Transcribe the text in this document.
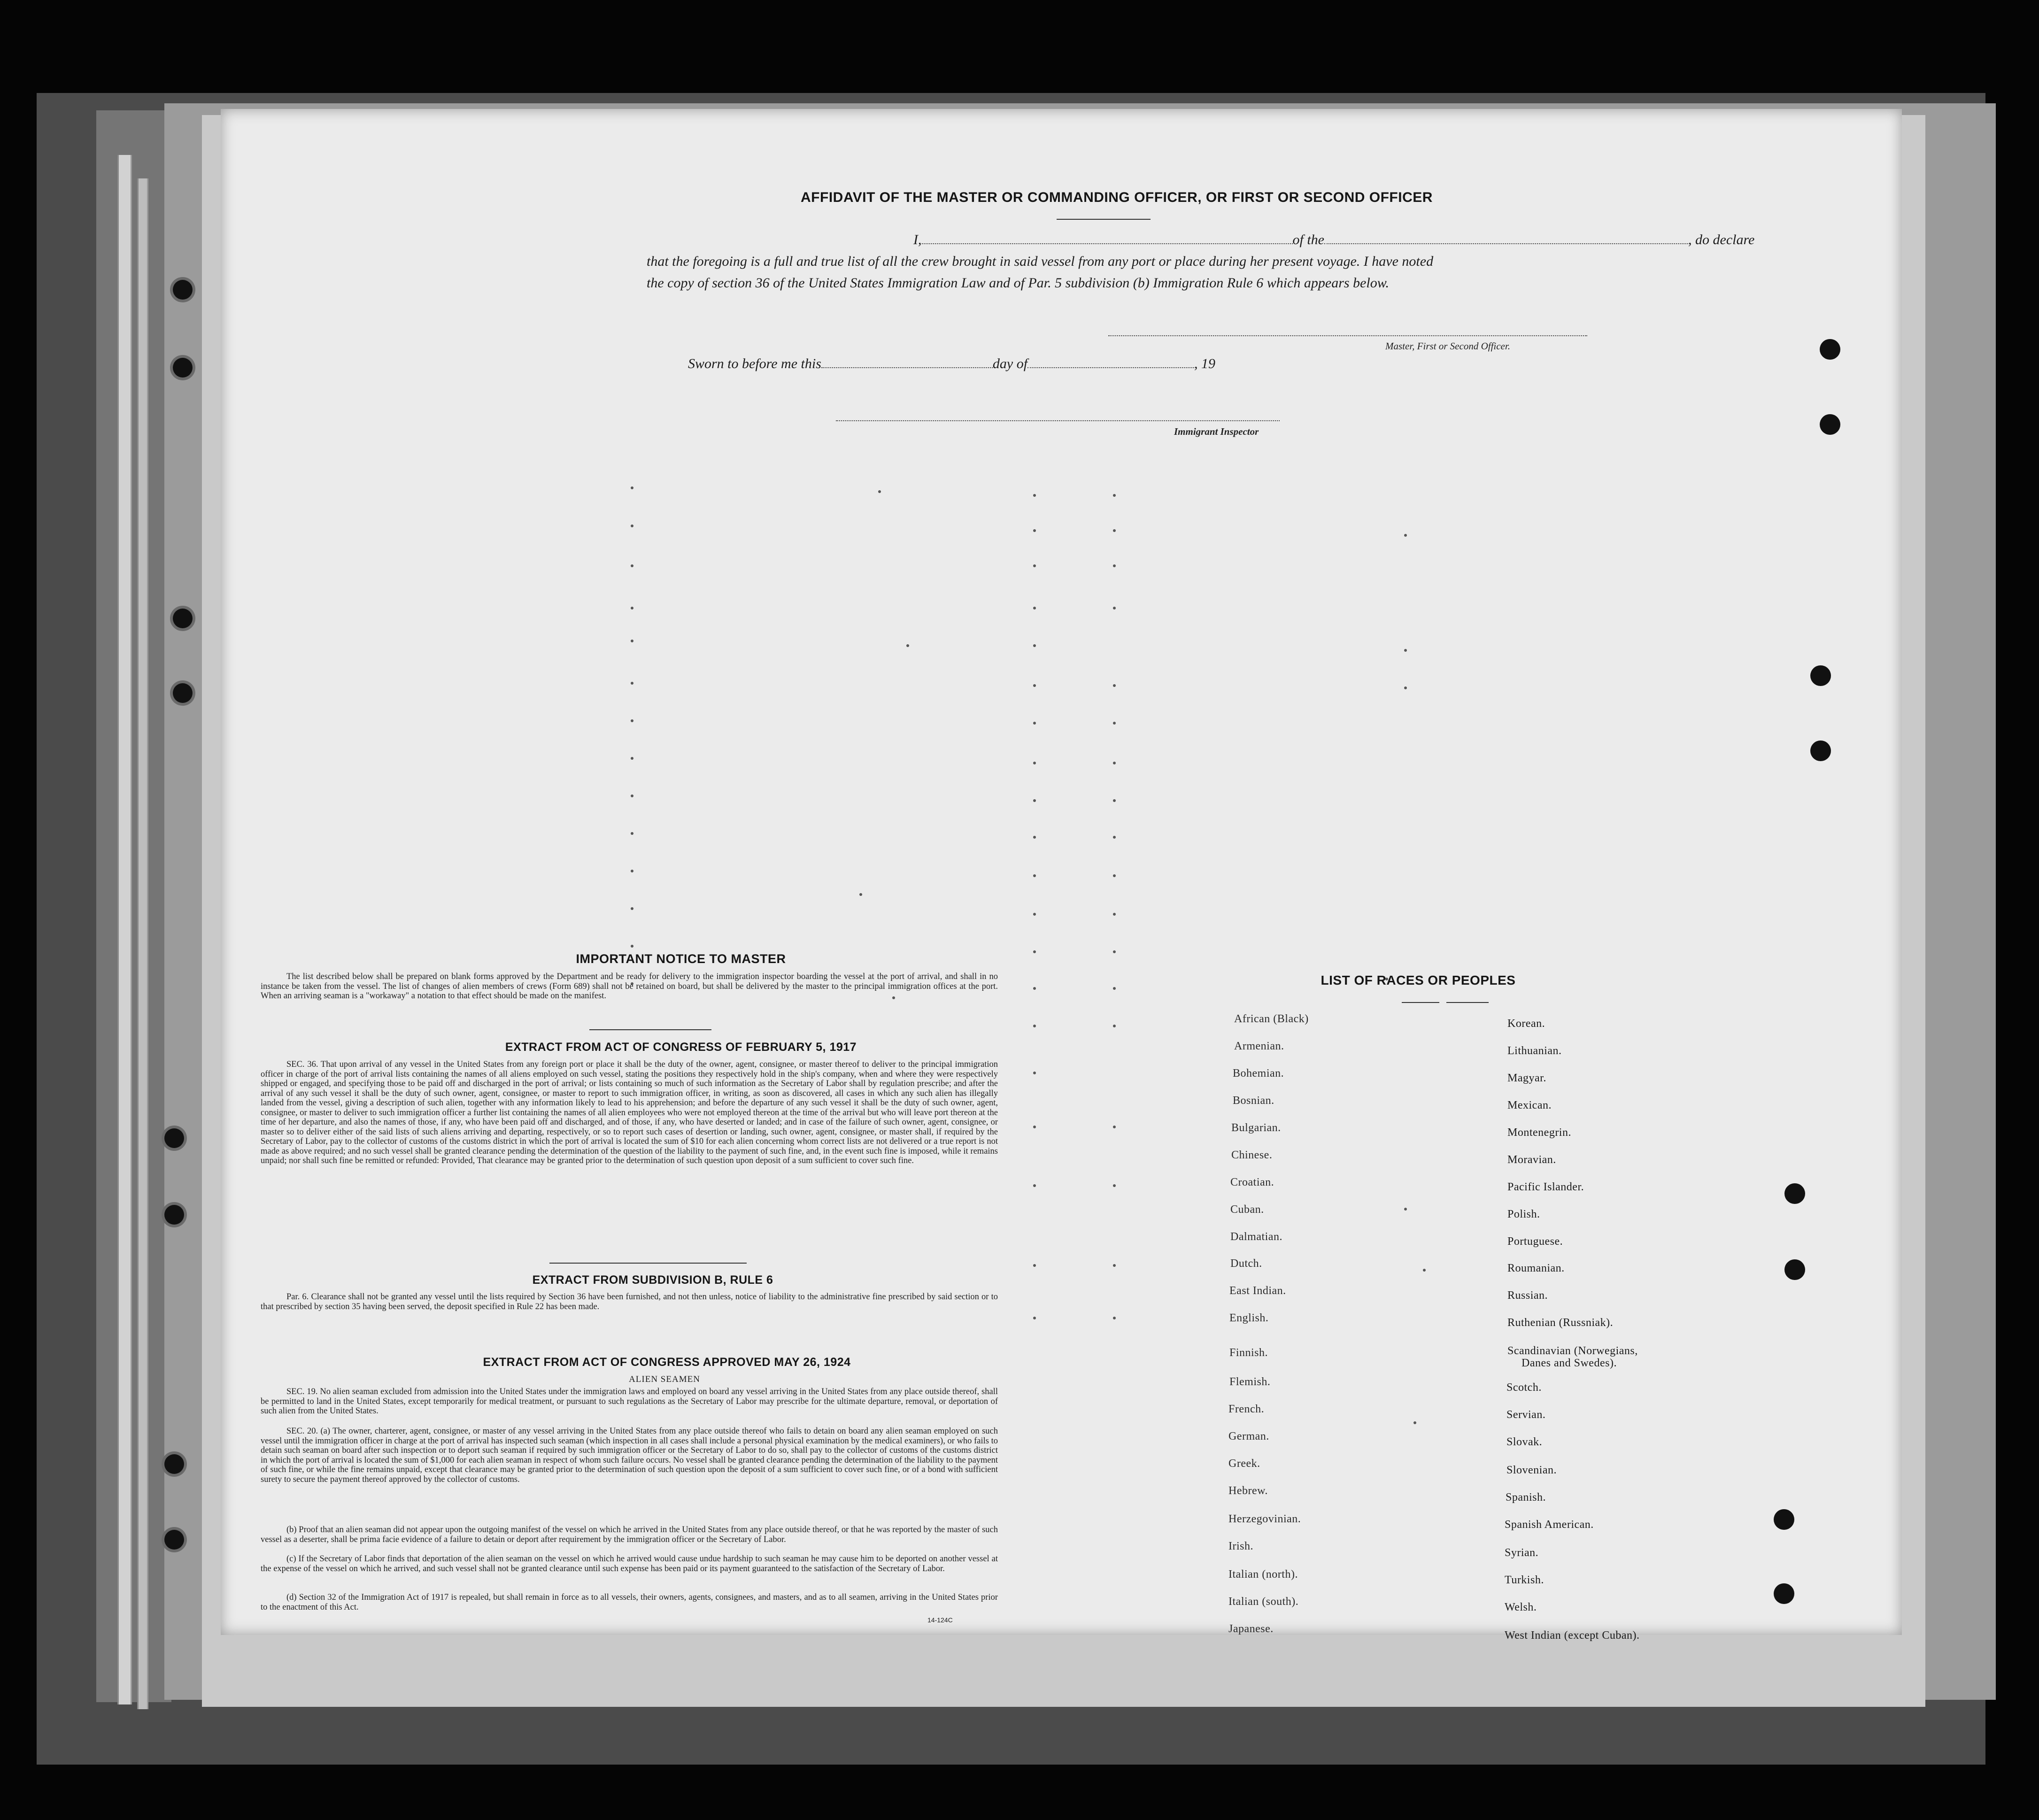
AFFIDAVIT OF THE MASTER OR COMMANDING OFFICER, OR FIRST OR SECOND OFFICER
I,	of the	, do declare
that the foregoing is a full and true list of all the crew brought in said vessel from any port or place during her present voyage. I have noted
the copy of section 36 of the United States Immigration Law and of Par. 5 subdivision (b) Immigration Rule 6 which appears below.
Master, First or Second Officer.
Sworn to before me this	day of	, 19
Immigrant Inspector
IMPORTANT NOTICE TO MASTER
The list described below shall be prepared on blank forms approved by the Department and be ready for delivery to the immigration inspector boarding the vessel at the port of arrival, and shall in no instance be taken from the vessel. The list of changes of alien members of crews (Form 689) shall not be retained on board, but shall be delivered by the master to the principal immigration offices at the port. When an arriving seaman is a "workaway" a notation to that effect should be made on the manifest.
EXTRACT FROM ACT OF CONGRESS OF FEBRUARY 5, 1917
SEC. 36. That upon arrival of any vessel in the United States from any foreign port or place it shall be the duty of the owner, agent, consignee, or master thereof to deliver to the principal immigration officer in charge of the port of arrival lists containing the names of all aliens employed on such vessel, stating the positions they respectively hold in the ship's company, when and where they were respectively shipped or engaged, and specifying those to be paid off and discharged in the port of arrival; or lists containing so much of such information as the Secretary of Labor shall by regulation prescribe; and after the arrival of any such vessel it shall be the duty of such owner, agent, consignee, or master to report to such immigration officer, in writing, as soon as discovered, all cases in which any such alien has illegally landed from the vessel, giving a description of such alien, together with any information likely to lead to his apprehension; and before the departure of any such vessel it shall be the duty of such owner, agent, consignee, or master to deliver to such immigration officer a further list containing the names of all alien employees who were not employed thereon at the time of the arrival but who will leave port thereon at the time of her departure, and also the names of those, if any, who have been paid off and discharged, and of those, if any, who have deserted or landed; and in case of the failure of such owner, agent, consignee, or master so to deliver either of the said lists of such aliens arriving and departing, respectively, or so to report such cases of desertion or landing, such owner, agent, consignee, or master shall, if required by the Secretary of Labor, pay to the collector of customs of the customs district in which the port of arrival is located the sum of $10 for each alien concerning whom correct lists are not delivered or a true report is not made as above required; and no such vessel shall be granted clearance pending the determination of the question of the liability to the payment of such fine, and, in the event such fine is imposed, while it remains unpaid; nor shall such fine be remitted or refunded: Provided, That clearance may be granted prior to the determination of such question upon deposit of a sum sufficient to cover such fine.
EXTRACT FROM SUBDIVISION B, RULE 6
Par. 6. Clearance shall not be granted any vessel until the lists required by Section 36 have been furnished, and not then unless, notice of liability to the administrative fine prescribed by said section or to that prescribed by section 35 having been served, the deposit specified in Rule 22 has been made.
EXTRACT FROM ACT OF CONGRESS APPROVED MAY 26, 1924
ALIEN SEAMEN
SEC. 19. No alien seaman excluded from admission into the United States under the immigration laws and employed on board any vessel arriving in the United States from any place outside thereof, shall be permitted to land in the United States, except temporarily for medical treatment, or pursuant to such regulations as the Secretary of Labor may prescribe for the ultimate departure, removal, or deportation of such alien from the United States.
SEC. 20. (a) The owner, charterer, agent, consignee, or master of any vessel arriving in the United States from any place outside thereof who fails to detain on board any alien seaman employed on such vessel until the immigration officer in charge at the port of arrival has inspected such seaman (which inspection in all cases shall include a personal physical examination by the medical examiners), or who fails to detain such seaman on board after such inspection or to deport such seaman if required by such immigration officer or the Secretary of Labor to do so, shall pay to the collector of customs of the customs district in which the port of arrival is located the sum of $1,000 for each alien seaman in respect of whom such failure occurs. No vessel shall be granted clearance pending the determination of the liability to the payment of such fine, or while the fine remains unpaid, except that clearance may be granted prior to the determination of such question upon the deposit of a sum sufficient to cover such fine, or of a bond with sufficient surety to secure the payment thereof approved by the collector of customs.
(b) Proof that an alien seaman did not appear upon the outgoing manifest of the vessel on which he arrived in the United States from any place outside thereof, or that he was reported by the master of such vessel as a deserter, shall be prima facie evidence of a failure to detain or deport after requirement by the immigration officer or the Secretary of Labor.
(c) If the Secretary of Labor finds that deportation of the alien seaman on the vessel on which he arrived would cause undue hardship to such seaman he may cause him to be deported on another vessel at the expense of the vessel on which he arrived, and such vessel shall not be granted clearance until such expense has been paid or its payment guaranteed to the satisfaction of the Secretary of Labor.
(d) Section 32 of the Immigration Act of 1917 is repealed, but shall remain in force as to all vessels, their owners, agents, consignees, and masters, and as to all seamen, arriving in the United States prior to the enactment of this Act.
14-124C
LIST OF RACES OR PEOPLES
African (Black)
Armenian.
Bohemian.
Bosnian.
Bulgarian.
Chinese.
Croatian.
Cuban.
Dalmatian.
Dutch.
East Indian.
English.
Finnish.
Flemish.
French.
German.
Greek.
Hebrew.
Herzegovinian.
Irish.
Italian (north).
Italian (south).
Japanese.
Korean.
Lithuanian.
Magyar.
Mexican.
Montenegrin.
Moravian.
Pacific Islander.
Polish.
Portuguese.
Roumanian.
Russian.
Ruthenian (Russniak).
Scandinavian (Norwegians,
Danes and Swedes).
Scotch.
Servian.
Slovak.
Slovenian.
Spanish.
Spanish American.
Syrian.
Turkish.
Welsh.
West Indian (except Cuban).
